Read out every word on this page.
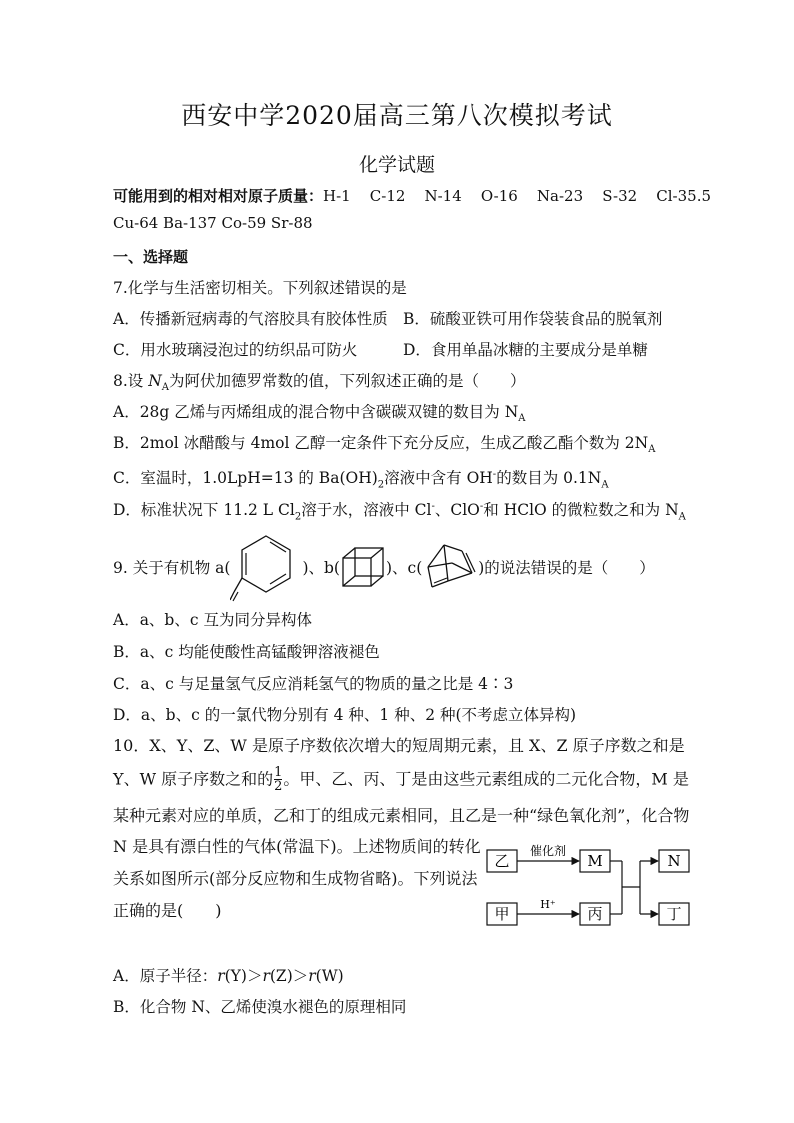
西安中学2020届高三第八次模拟考试
化学试题
可能用到的相对相对原子质量：H-1    C-12    N-14    O-16    Na-23    S-32    Cl-35.5
Cu-64 Ba-137 Co-59 Sr-88
一、选择题
7.化学与生活密切相关。下列叙述错误的是
A．传播新冠病毒的气溶胶具有胶体性质 B．硫酸亚铁可用作袋装食品的脱氧剂
C．用水玻璃浸泡过的纺织品可防火	D．食用单晶冰糖的主要成分是单糖
8.设 $N_A$为阿伏加德罗常数的值，下列叙述正确的是（　　）
A．28g 乙烯与丙烯组成的混合物中含碳碳双键的数目为 $N_A$
B．2mol 冰醋酸与 4mol 乙醇一定条件下充分反应，生成乙酸乙酯个数为 $2N_A$
C．室温时，1.0LpH=13 的 $Ba(OH)_2$溶液中含有 OH-的数目为 $0.1N_A$
D．标准状况下 11.2 L $Cl_2$溶于水，溶液中 Cl-、ClO-和 HClO 的微粒数之和为 $N_A$
9. 关于有机物 a(	)、b(	)、c(	)的说法错误的是（　　）
A．a、b、c 互为同分异构体
B．a、c 均能使酸性高锰酸钾溶液褪色
C．a、c 与足量氢气反应消耗氢气的物质的量之比是 4∶3
D．a、b、c 的一氯代物分别有 4 种、1 种、2 种(不考虑立体异构)
10．X、Y、Z、W 是原子序数依次增大的短周期元素，且 X、Z 原子序数之和是
Y、W 原子序数之和的 $\frac{1}{2}$ 。甲、乙、丙、丁是由这些元素组成的二元化合物，M 是
某种元素对应的单质，乙和丁的组成元素相同，且乙是一种“绿色氧化剂”，化合物
N 是具有漂白性的气体(常温下)。上述物质间的转化
关系如图所示(部分反应物和生成物省略)。下列说法
正确的是(　　)
乙
甲
M
丙
N
丁
催化剂
H⁺
A．原子半径：r(Y)＞r(Z)＞r(W)
B．化合物 N、乙烯使溴水褪色的原理相同
